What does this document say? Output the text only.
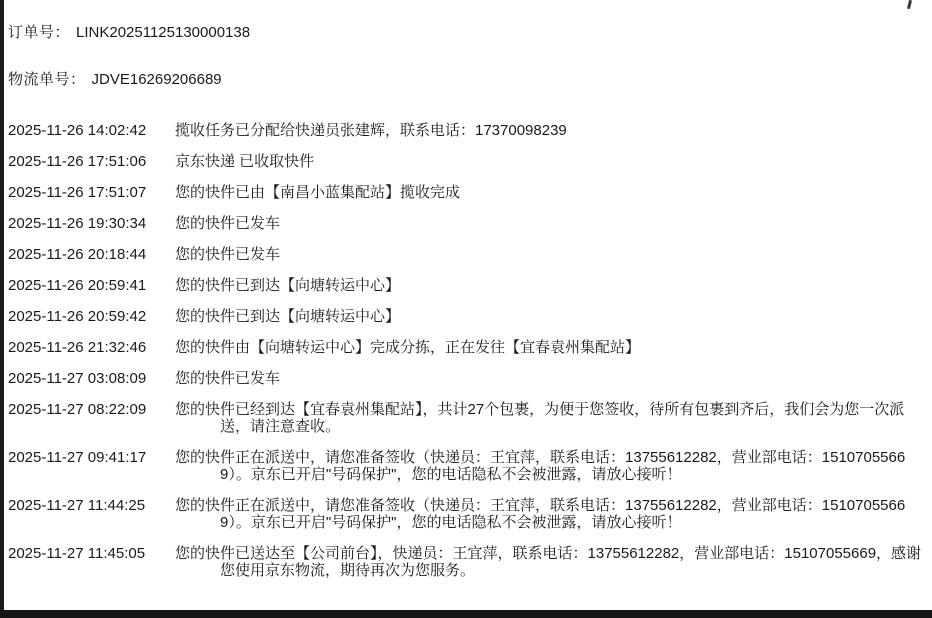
订单号： LINK20251125130000138
物流单号： JDVE16269206689
2025-11-26 14:02:42	揽收任务已分配给快递员张建辉，联系电话：17370098239
2025-11-26 17:51:06	京东快递 已收取快件
2025-11-26 17:51:07	您的快件已由【南昌小蓝集配站】揽收完成
2025-11-26 19:30:34	您的快件已发车
2025-11-26 20:18:44	您的快件已发车
2025-11-26 20:59:41	您的快件已到达【向塘转运中心】
2025-11-26 20:59:42	您的快件已到达【向塘转运中心】
2025-11-26 21:32:46	您的快件由【向塘转运中心】完成分拣，正在发往【宜春袁州集配站】
2025-11-27 03:08:09	您的快件已发车
2025-11-27 08:22:09	您的快件已经到达【宜春袁州集配站】，共计27个包裹，为便于您签收，待所有包裹到齐后，我们会为您一次派送，请注意查收。
2025-11-27 09:41:17	您的快件正在派送中，请您准备签收（快递员：王宜萍，联系电话：13755612282，营业部电话：15107055669）。京东已开启"号码保护"，您的电话隐私不会被泄露，请放心接听！
2025-11-27 11:44:25	您的快件正在派送中，请您准备签收（快递员：王宜萍，联系电话：13755612282，营业部电话：15107055669）。京东已开启"号码保护"，您的电话隐私不会被泄露，请放心接听！
2025-11-27 11:45:05	您的快件已送达至【公司前台】，快递员：王宜萍，联系电话：13755612282，营业部电话：15107055669，感谢您使用京东物流，期待再次为您服务。
